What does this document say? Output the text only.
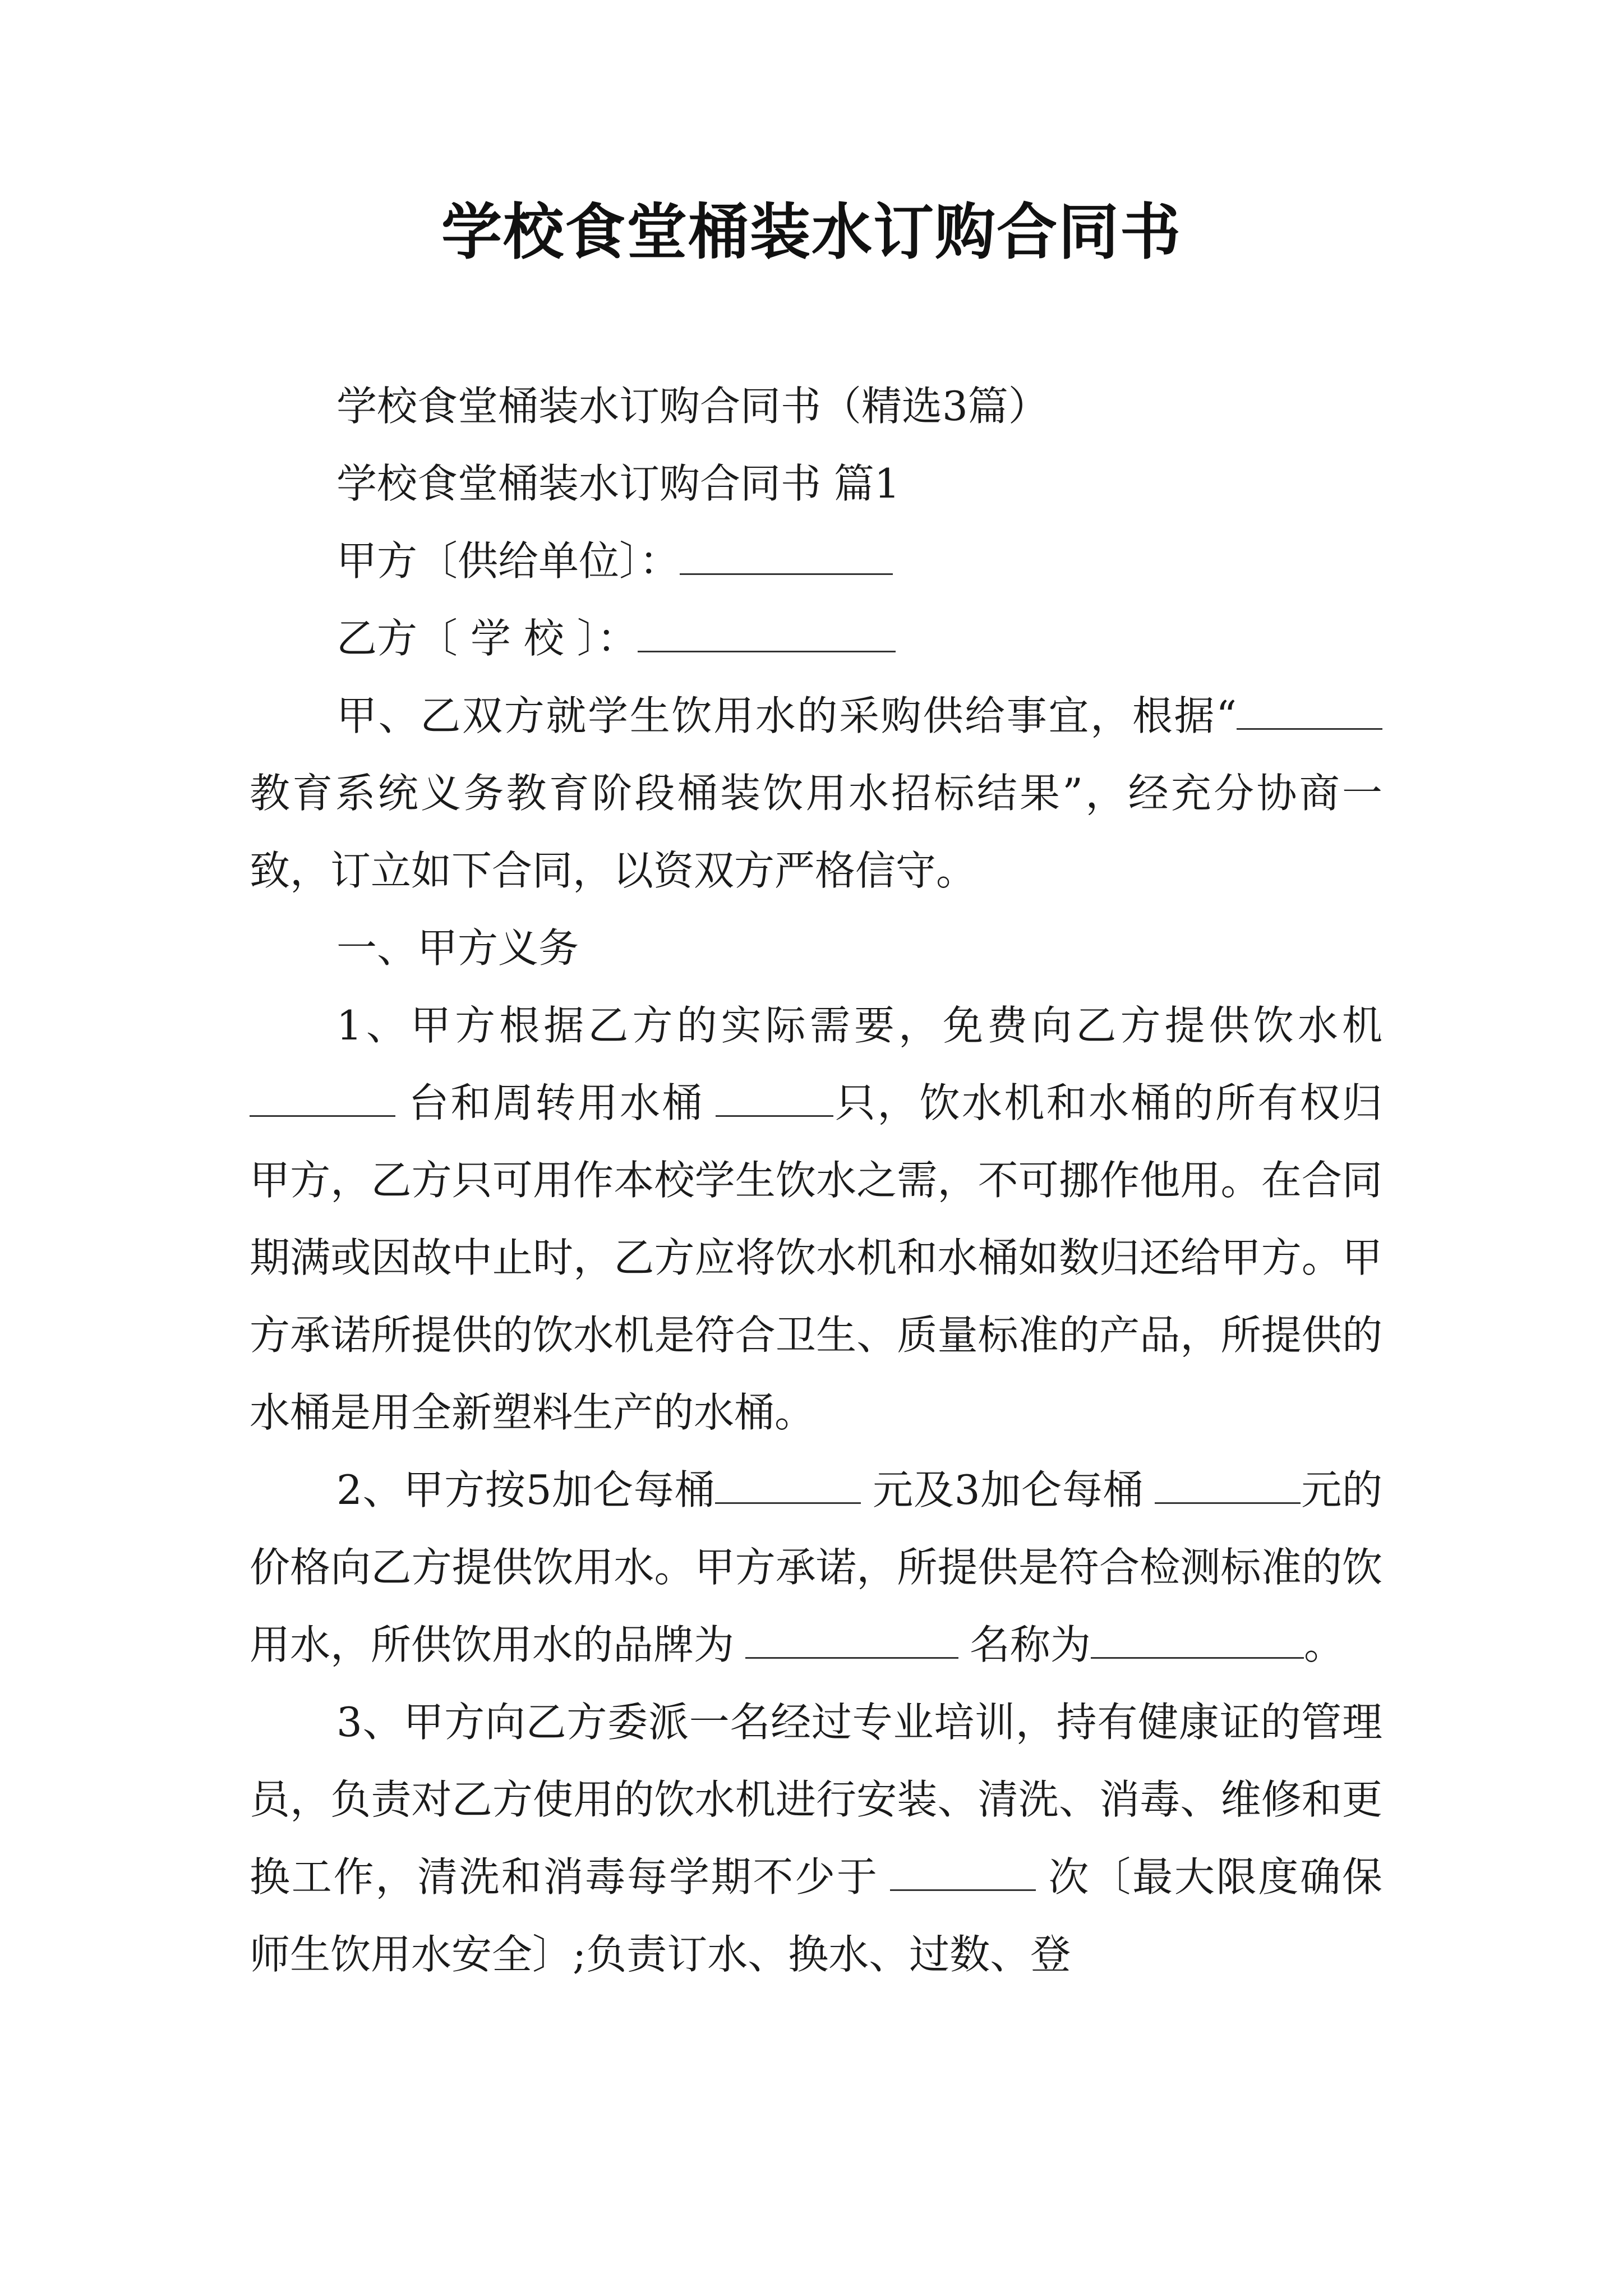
学校食堂桶装水订购合同书

学校食堂桶装水订购合同书（精选3篇）

学校食堂桶装水订购合同书 篇1

甲方〔供给单位〕：

乙方〔 学 校 〕：

甲、乙双方就学生饮用水的采购供给事宜，根据“教育系统义务教育阶段桶装饮用水招标结果”，经充分协商一致，订立如下合同，以资双方严格信守。

一、甲方义务

1、甲方根据乙方的实际需要，免费向乙方提供饮水机台和周转用水桶	只，饮水机和水桶的所有权归甲方，乙方只可用作本校学生饮水之需，不可挪作他用。在合同期满或因故中止时，乙方应将饮水机和水桶如数归还给甲方。甲方承诺所提供的饮水机是符合卫生、质量标准的产品，所提供的水桶是用全新塑料生产的水桶。

2、甲方按5加仑每桶	元及3加仑每桶	元的价格向乙方提供饮用水。甲方承诺，所提供是符合检测标准的饮用水，所供饮用水的品牌为	名称为	。

3、甲方向乙方委派一名经过专业培训，持有健康证的管理员，负责对乙方使用的饮水机进行安装、清洗、消毒、维修和更换工作，清洗和消毒每学期不少于	次〔最大限度确保师生饮用水安全〕;负责订水、换水、过数、登
